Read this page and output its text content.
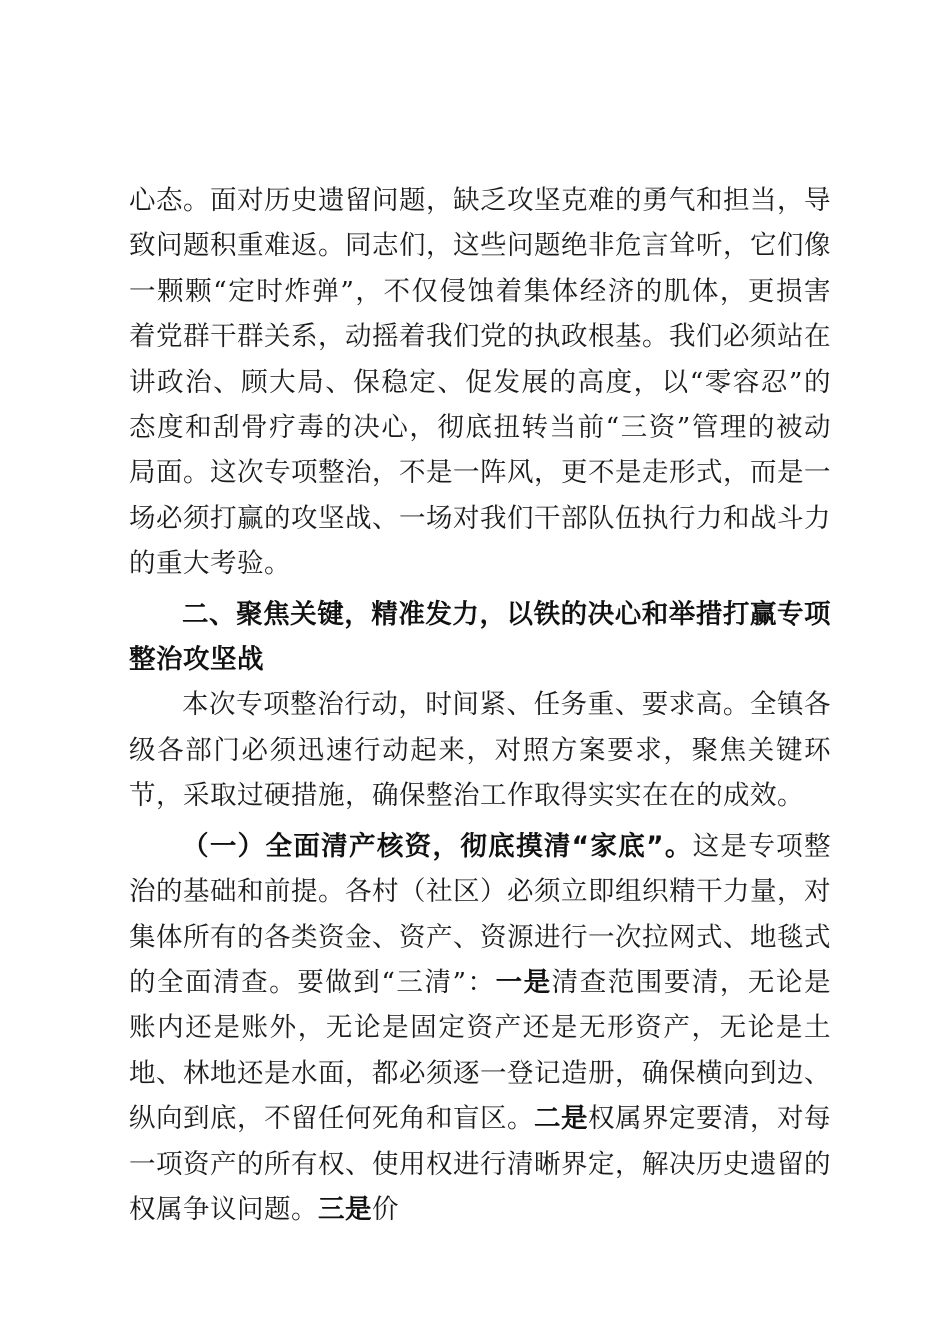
心态。面对历史遗留问题，缺乏攻坚克难的勇气和担当，导致问题积重难返。同志们，这些问题绝非危言耸听，它们像一颗颗“定时炸弹”，不仅侵蚀着集体经济的肌体，更损害着党群干群关系，动摇着我们党的执政根基。我们必须站在讲政治、顾大局、保稳定、促发展的高度，以“零容忍”的态度和刮骨疗毒的决心，彻底扭转当前“三资”管理的被动局面。这次专项整治，不是一阵风，更不是走形式，而是一场必须打赢的攻坚战、一场对我们干部队伍执行力和战斗力的重大考验。

二、聚焦关键，精准发力，以铁的决心和举措打赢专项整治攻坚战

本次专项整治行动，时间紧、任务重、要求高。全镇各级各部门必须迅速行动起来，对照方案要求，聚焦关键环节，采取过硬措施，确保整治工作取得实实在在的成效。

（一）全面清产核资，彻底摸清“家底”。这是专项整治的基础和前提。各村（社区）必须立即组织精干力量，对集体所有的各类资金、资产、资源进行一次拉网式、地毯式的全面清查。要做到“三清”：一是清查范围要清，无论是账内还是账外，无论是固定资产还是无形资产，无论是土地、林地还是水面，都必须逐一登记造册，确保横向到边、纵向到底，不留任何死角和盲区。二是权属界定要清，对每一项资产的所有权、使用权进行清晰界定，解决历史遗留的权属争议问题。三是价
